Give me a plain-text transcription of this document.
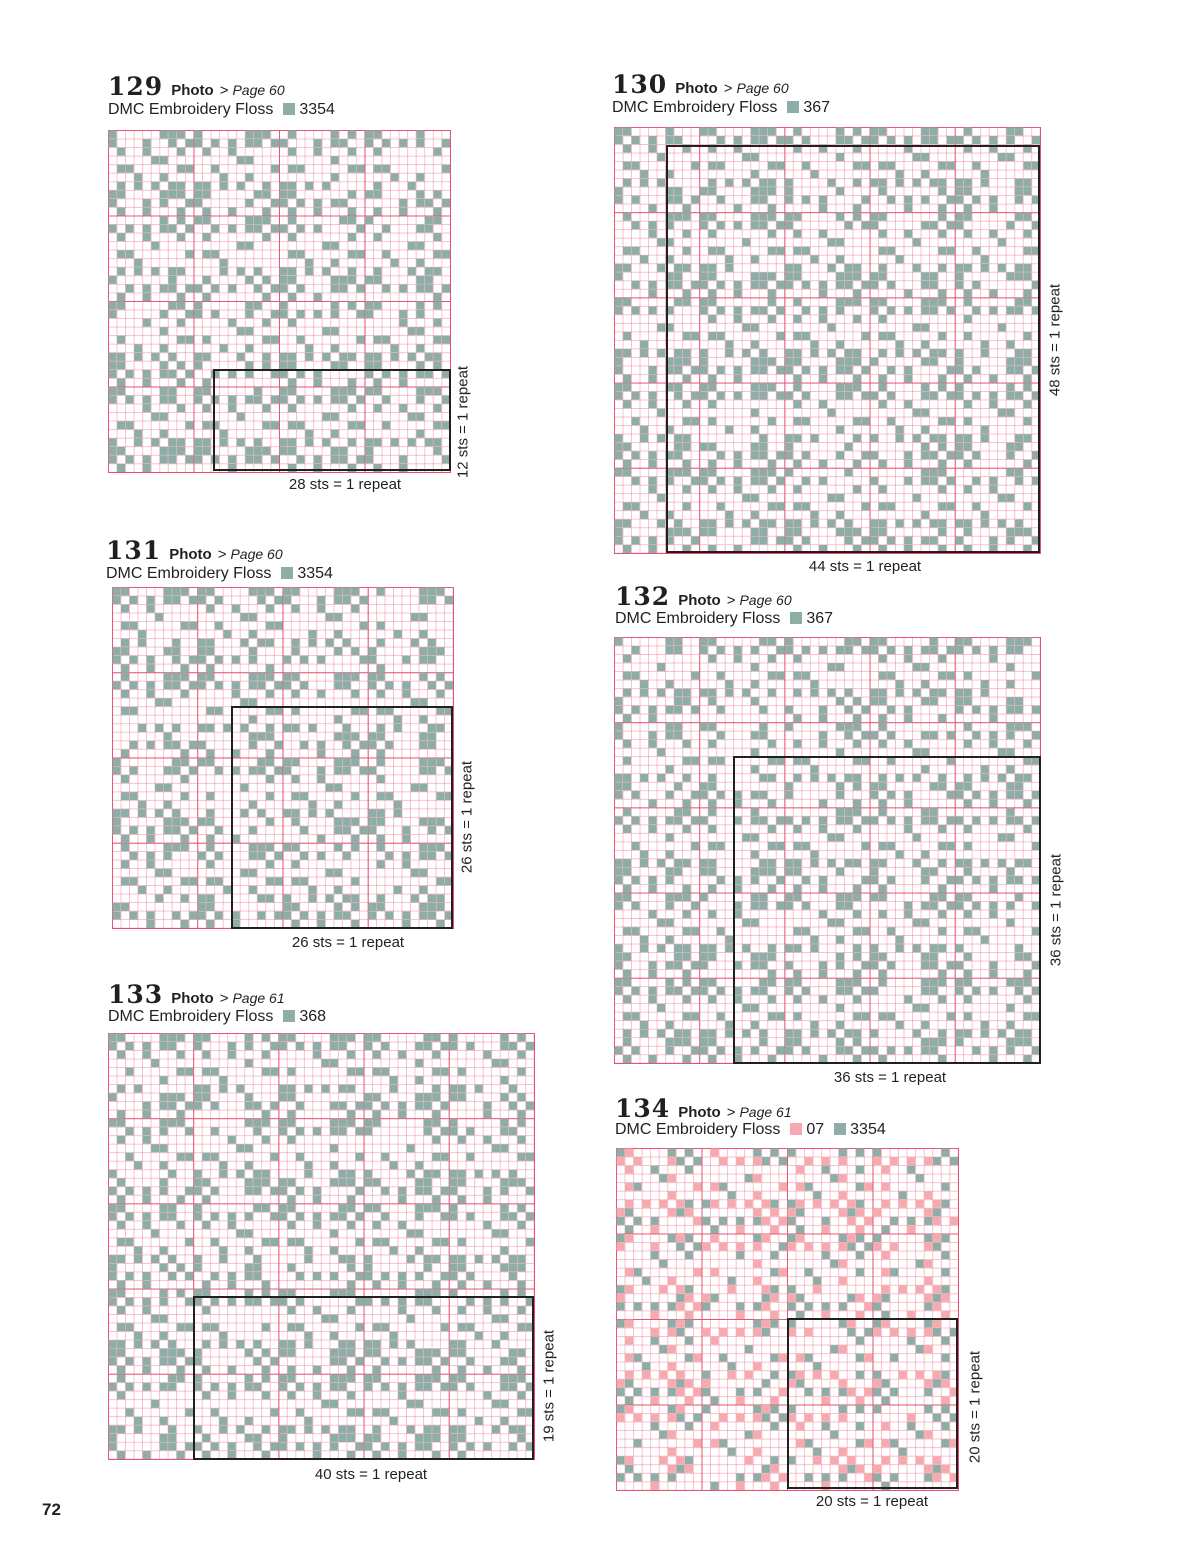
129 Photo > Page 60
DMC Embroidery Floss 3354
28 sts = 1 repeat
12 sts = 1 repeat
130 Photo > Page 60
DMC Embroidery Floss 367
44 sts = 1 repeat
48 sts = 1 repeat
131 Photo > Page 60
DMC Embroidery Floss 3354
26 sts = 1 repeat
26 sts = 1 repeat
132 Photo > Page 60
DMC Embroidery Floss 367
36 sts = 1 repeat
36 sts = 1 repeat
133 Photo > Page 61
DMC Embroidery Floss 368
40 sts = 1 repeat
19 sts = 1 repeat
134 Photo > Page 61
DMC Embroidery Floss 07 3354
20 sts = 1 repeat
20 sts = 1 repeat
72
